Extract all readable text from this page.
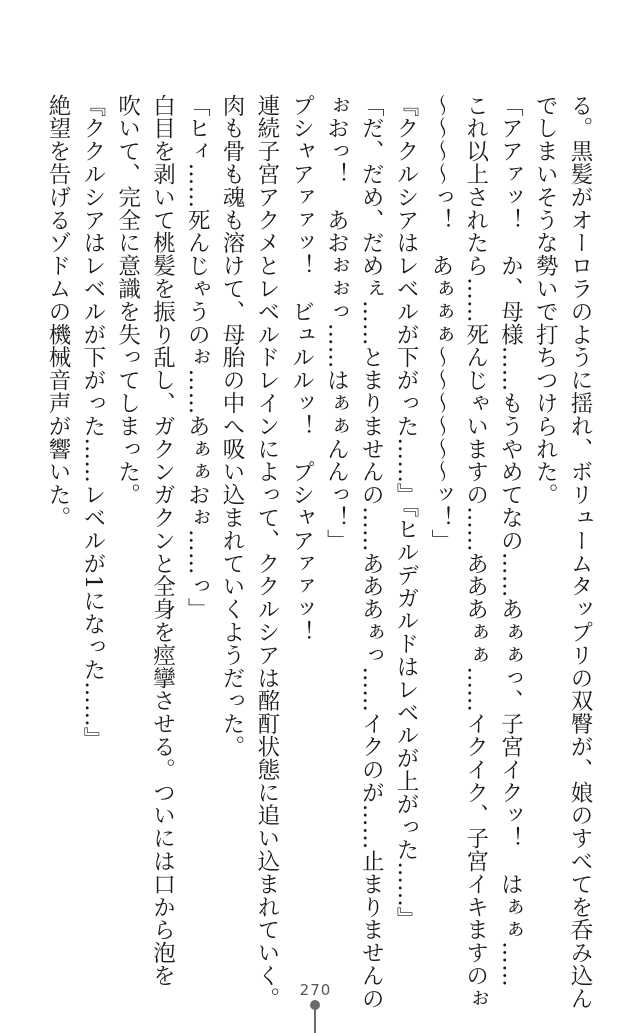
る。黒髪がオーロラのように揺れ、ボリュームタップリの双臀が、娘のすべてを呑み込ん
でしまいそうな勢いで打ちつけられた。
「アアァッ！　か、母様……もうやめてなの……あぁぁっ、子宮イクッ！　はぁぁ……
これ以上されたら……死んじゃいますの……あああぁぁ……イクイク、子宮イキますのぉ
〜〜〜〜っ！　あぁぁぁ〜〜〜〜〜〜ッ！」
『ククルシアはレベルが下がった……』『ヒルデガルドはレベルが上がった……』
「だ、だめ、だめぇ……とまりませんの……あああぁっ……イクのが……止まりませんの
ぉおっ！　あおぉぉっ……はぁぁんんっ！」
プシャアァァッ！　ビュルルッ！　プシャアァァッ！
連続子宮アクメとレベルドレインによって、ククルシアは酩酊状態に追い込まれていく。
肉も骨も魂も溶けて、母胎の中へ吸い込まれていくようだった。
「ヒィ……死んじゃうのぉ……あぁぁおぉ……っ」
白目を剥いて桃髪を振り乱し、ガクンガクンと全身を痙攣させる。ついには口から泡を
吹いて、完全に意識を失ってしまった。
『ククルシアはレベルが下がった……レベルが1になった……』
絶望を告げるゾドムの機械音声が響いた。
270
